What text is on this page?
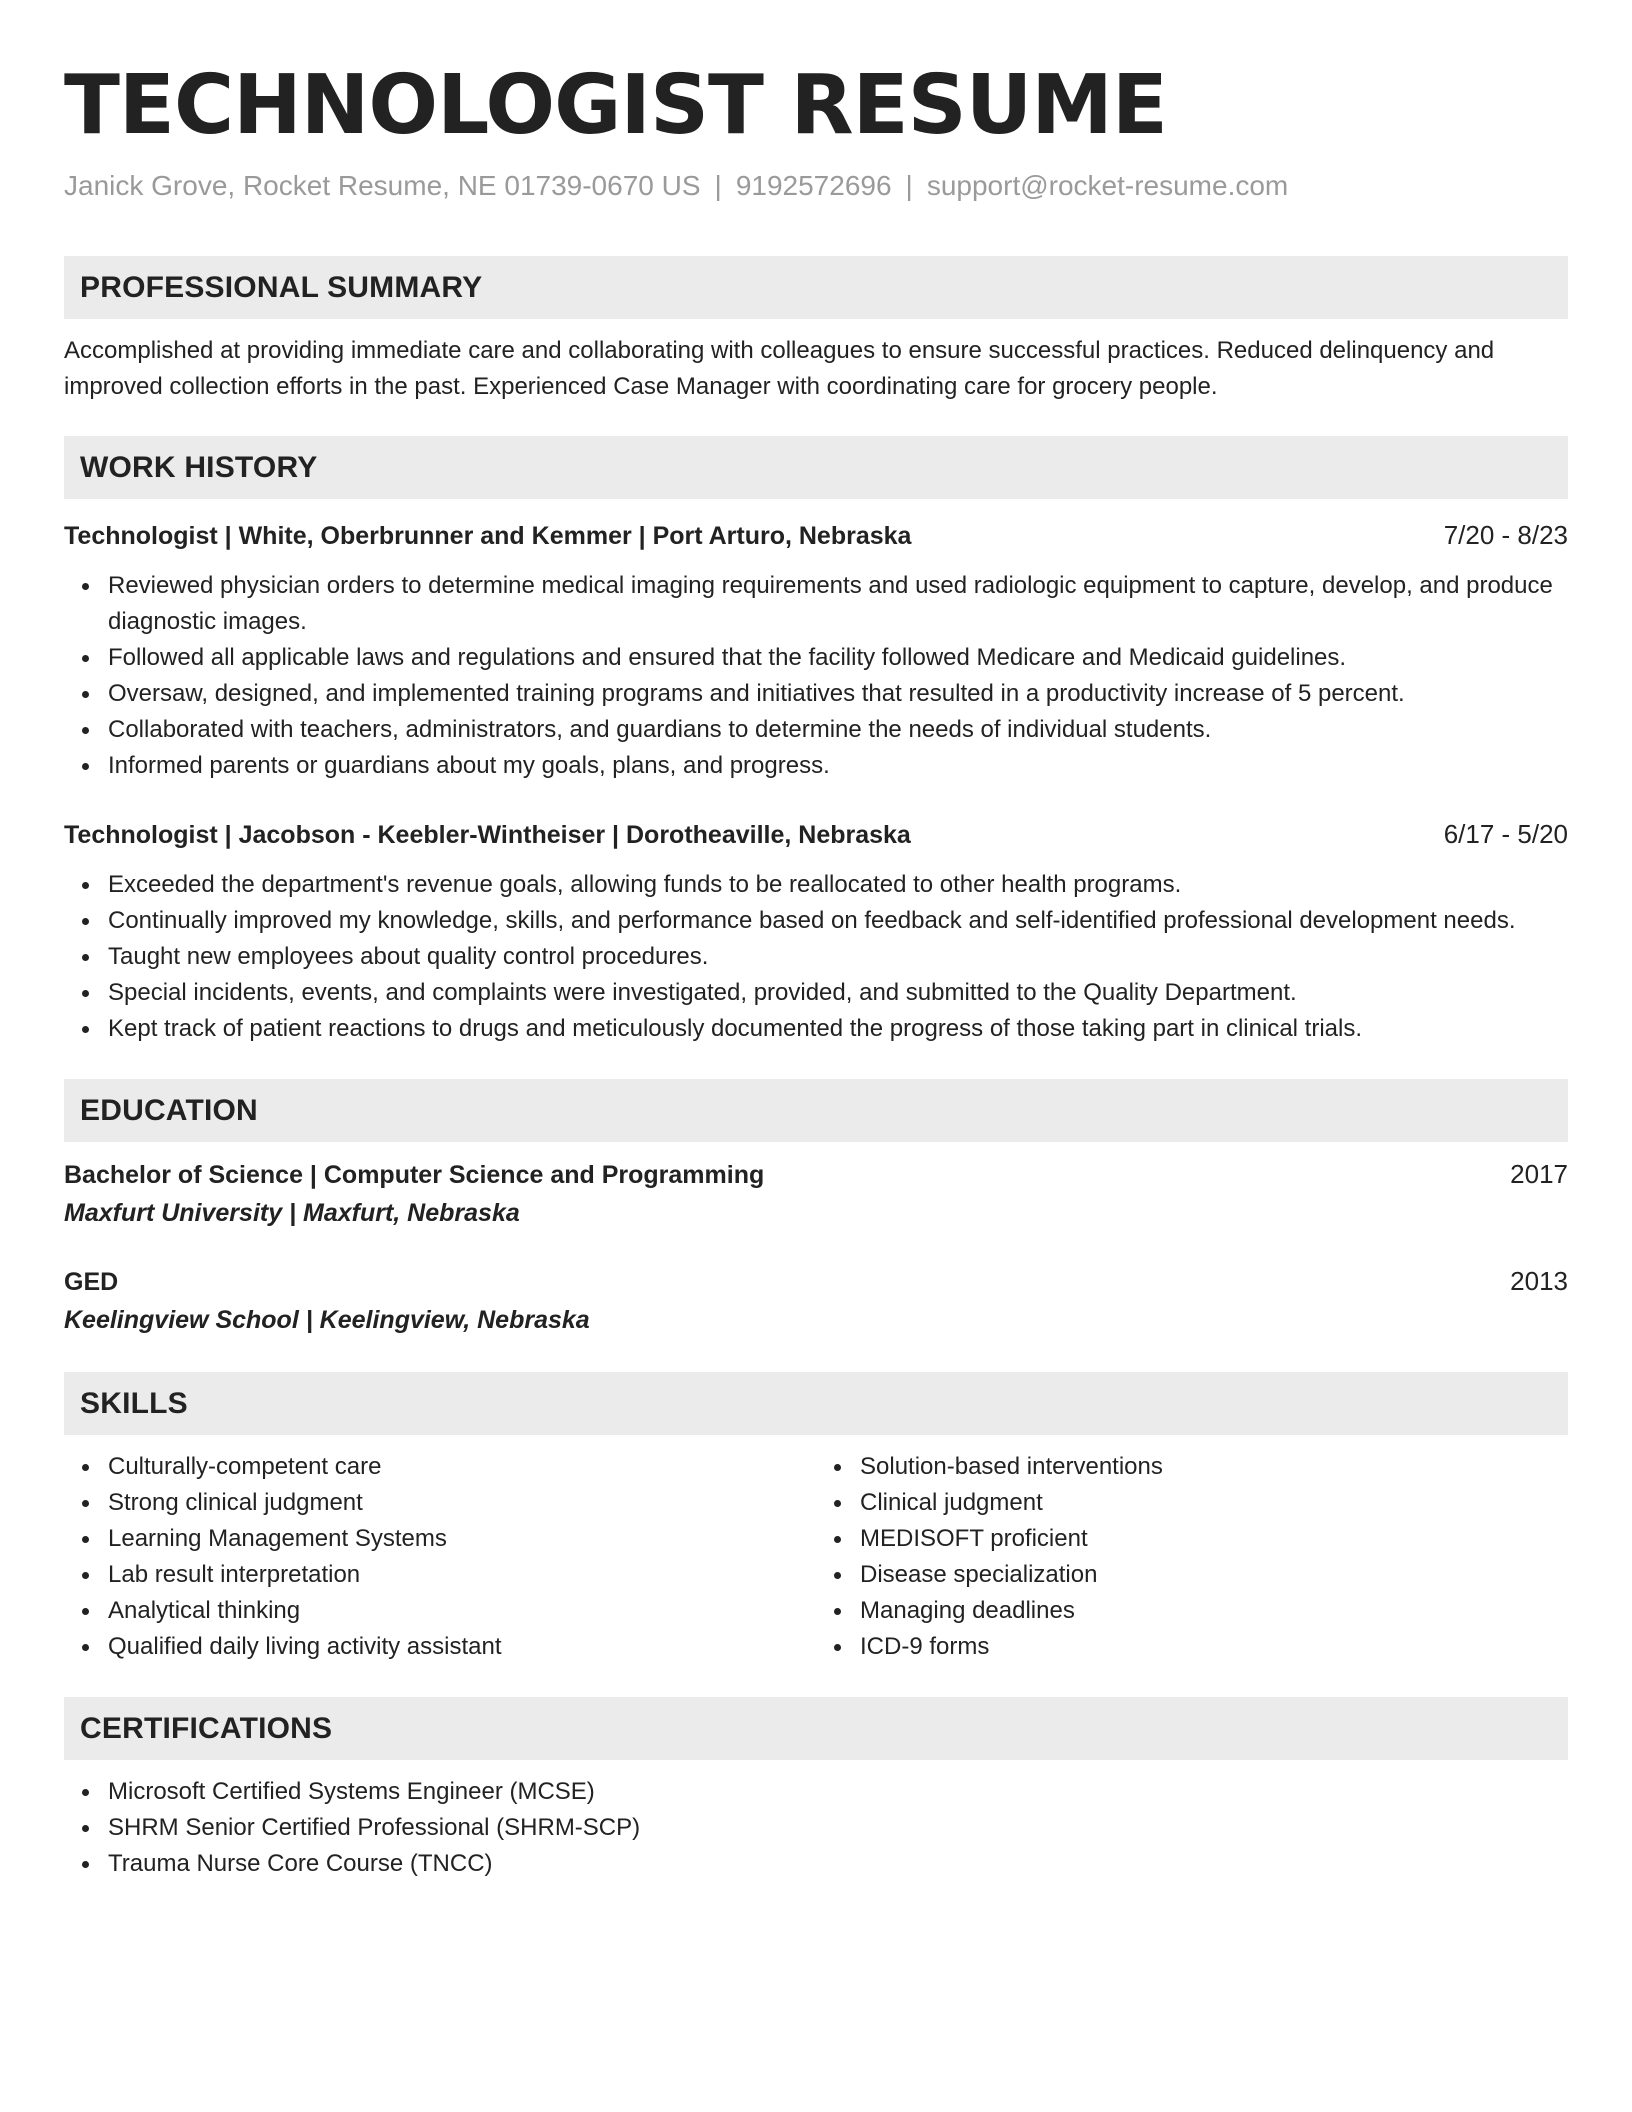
TECHNOLOGIST RESUME
Janick Grove, Rocket Resume, NE 01739-0670 US | 9192572696 | support@rocket-resume.com
PROFESSIONAL SUMMARY
Accomplished at providing immediate care and collaborating with colleagues to ensure successful practices. Reduced delinquency and improved collection efforts in the past. Experienced Case Manager with coordinating care for grocery people.
WORK HISTORY
Technologist | White, Oberbrunner and Kemmer | Port Arturo, Nebraska	7/20 - 8/23
Reviewed physician orders to determine medical imaging requirements and used radiologic equipment to capture, develop, and produce diagnostic images.
Followed all applicable laws and regulations and ensured that the facility followed Medicare and Medicaid guidelines.
Oversaw, designed, and implemented training programs and initiatives that resulted in a productivity increase of 5 percent.
Collaborated with teachers, administrators, and guardians to determine the needs of individual students.
Informed parents or guardians about my goals, plans, and progress.
Technologist | Jacobson - Keebler-Wintheiser | Dorotheaville, Nebraska	6/17 - 5/20
Exceeded the department's revenue goals, allowing funds to be reallocated to other health programs.
Continually improved my knowledge, skills, and performance based on feedback and self-identified professional development needs.
Taught new employees about quality control procedures.
Special incidents, events, and complaints were investigated, provided, and submitted to the Quality Department.
Kept track of patient reactions to drugs and meticulously documented the progress of those taking part in clinical trials.
EDUCATION
Bachelor of Science | Computer Science and Programming	2017
Maxfurt University | Maxfurt, Nebraska
GED	2013
Keelingview School | Keelingview, Nebraska
SKILLS
Culturally-competent care
Strong clinical judgment
Learning Management Systems
Lab result interpretation
Analytical thinking
Qualified daily living activity assistant
Solution-based interventions
Clinical judgment
MEDISOFT proficient
Disease specialization
Managing deadlines
ICD-9 forms
CERTIFICATIONS
Microsoft Certified Systems Engineer (MCSE)
SHRM Senior Certified Professional (SHRM-SCP)
Trauma Nurse Core Course (TNCC)
